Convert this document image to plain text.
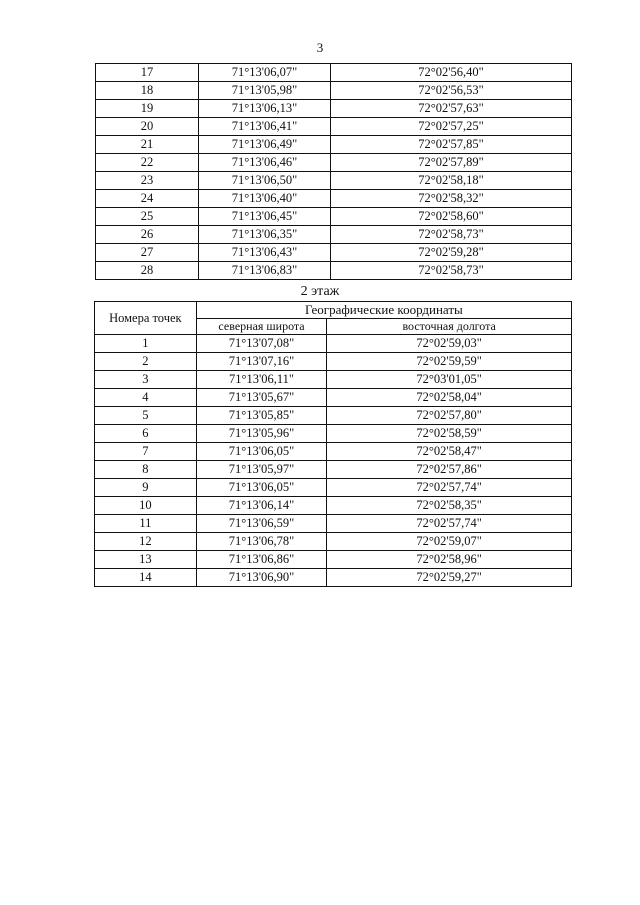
3
17	71°13'06,07"	72°02'56,40"
18	71°13'05,98"	72°02'56,53"
19	71°13'06,13"	72°02'57,63"
20	71°13'06,41"	72°02'57,25"
21	71°13'06,49"	72°02'57,85"
22	71°13'06,46"	72°02'57,89"
23	71°13'06,50"	72°02'58,18"
24	71°13'06,40"	72°02'58,32"
25	71°13'06,45"	72°02'58,60"
26	71°13'06,35"	72°02'58,73"
27	71°13'06,43"	72°02'59,28"
28	71°13'06,83"	72°02'58,73"
2 этаж
Номера точек	Географические координаты	
	северная широта	восточная долгота
1	71°13'07,08"	72°02'59,03"
2	71°13'07,16"	72°02'59,59"
3	71°13'06,11"	72°03'01,05"
4	71°13'05,67"	72°02'58,04"
5	71°13'05,85"	72°02'57,80"
6	71°13'05,96"	72°02'58,59"
7	71°13'06,05"	72°02'58,47"
8	71°13'05,97"	72°02'57,86"
9	71°13'06,05"	72°02'57,74"
10	71°13'06,14"	72°02'58,35"
11	71°13'06,59"	72°02'57,74"
12	71°13'06,78"	72°02'59,07"
13	71°13'06,86"	72°02'58,96"
14	71°13'06,90"	72°02'59,27"
